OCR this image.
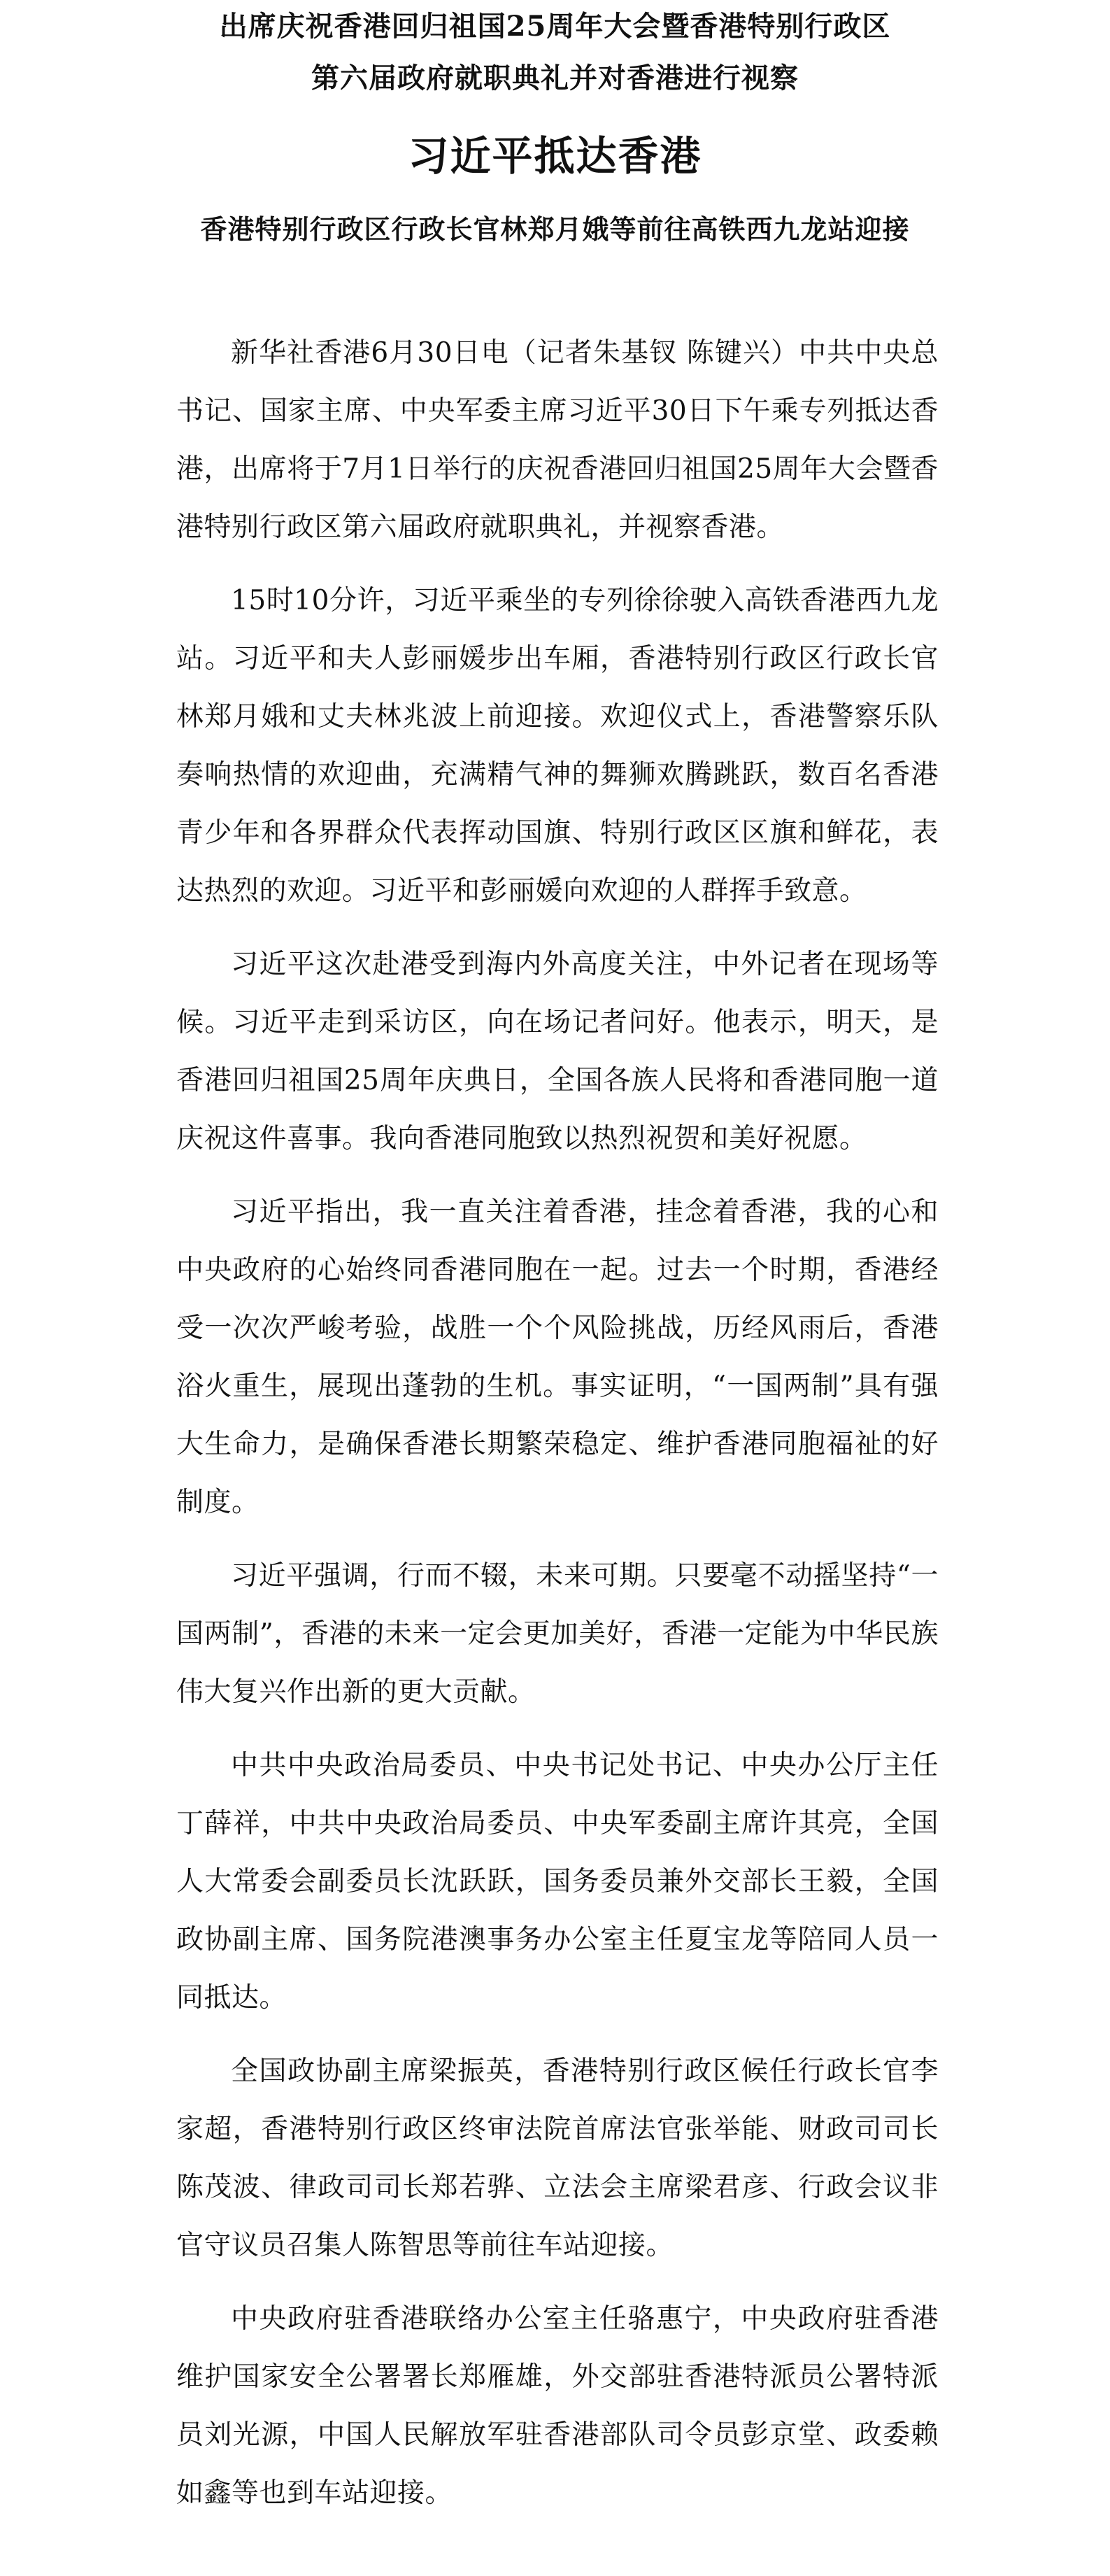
出席庆祝香港回归祖国25周年大会暨香港特别行政区
第六届政府就职典礼并对香港进行视察
习近平抵达香港
香港特别行政区行政长官林郑月娥等前往高铁西九龙站迎接

新华社香港6月30日电（记者朱基钗 陈键兴）中共中央总书记、国家主席、中央军委主席习近平30日下午乘专列抵达香港，出席将于7月1日举行的庆祝香港回归祖国25周年大会暨香港特别行政区第六届政府就职典礼，并视察香港。

15时10分许，习近平乘坐的专列徐徐驶入高铁香港西九龙站。习近平和夫人彭丽媛步出车厢，香港特别行政区行政长官林郑月娥和丈夫林兆波上前迎接。欢迎仪式上，香港警察乐队奏响热情的欢迎曲，充满精气神的舞狮欢腾跳跃，数百名香港青少年和各界群众代表挥动国旗、特别行政区区旗和鲜花，表达热烈的欢迎。习近平和彭丽媛向欢迎的人群挥手致意。

习近平这次赴港受到海内外高度关注，中外记者在现场等候。习近平走到采访区，向在场记者问好。他表示，明天，是香港回归祖国25周年庆典日，全国各族人民将和香港同胞一道庆祝这件喜事。我向香港同胞致以热烈祝贺和美好祝愿。

习近平指出，我一直关注着香港，挂念着香港，我的心和中央政府的心始终同香港同胞在一起。过去一个时期，香港经受一次次严峻考验，战胜一个个风险挑战，历经风雨后，香港浴火重生，展现出蓬勃的生机。事实证明，“一国两制”具有强大生命力，是确保香港长期繁荣稳定、维护香港同胞福祉的好制度。

习近平强调，行而不辍，未来可期。只要毫不动摇坚持“一国两制”，香港的未来一定会更加美好，香港一定能为中华民族伟大复兴作出新的更大贡献。

中共中央政治局委员、中央书记处书记、中央办公厅主任丁薛祥，中共中央政治局委员、中央军委副主席许其亮，全国人大常委会副委员长沈跃跃，国务委员兼外交部长王毅，全国政协副主席、国务院港澳事务办公室主任夏宝龙等陪同人员一同抵达。

全国政协副主席梁振英，香港特别行政区候任行政长官李家超，香港特别行政区终审法院首席法官张举能、财政司司长陈茂波、律政司司长郑若骅、立法会主席梁君彦、行政会议非官守议员召集人陈智思等前往车站迎接。

中央政府驻香港联络办公室主任骆惠宁，中央政府驻香港维护国家安全公署署长郑雁雄，外交部驻香港特派员公署特派员刘光源，中国人民解放军驻香港部队司令员彭京堂、政委赖如鑫等也到车站迎接。
